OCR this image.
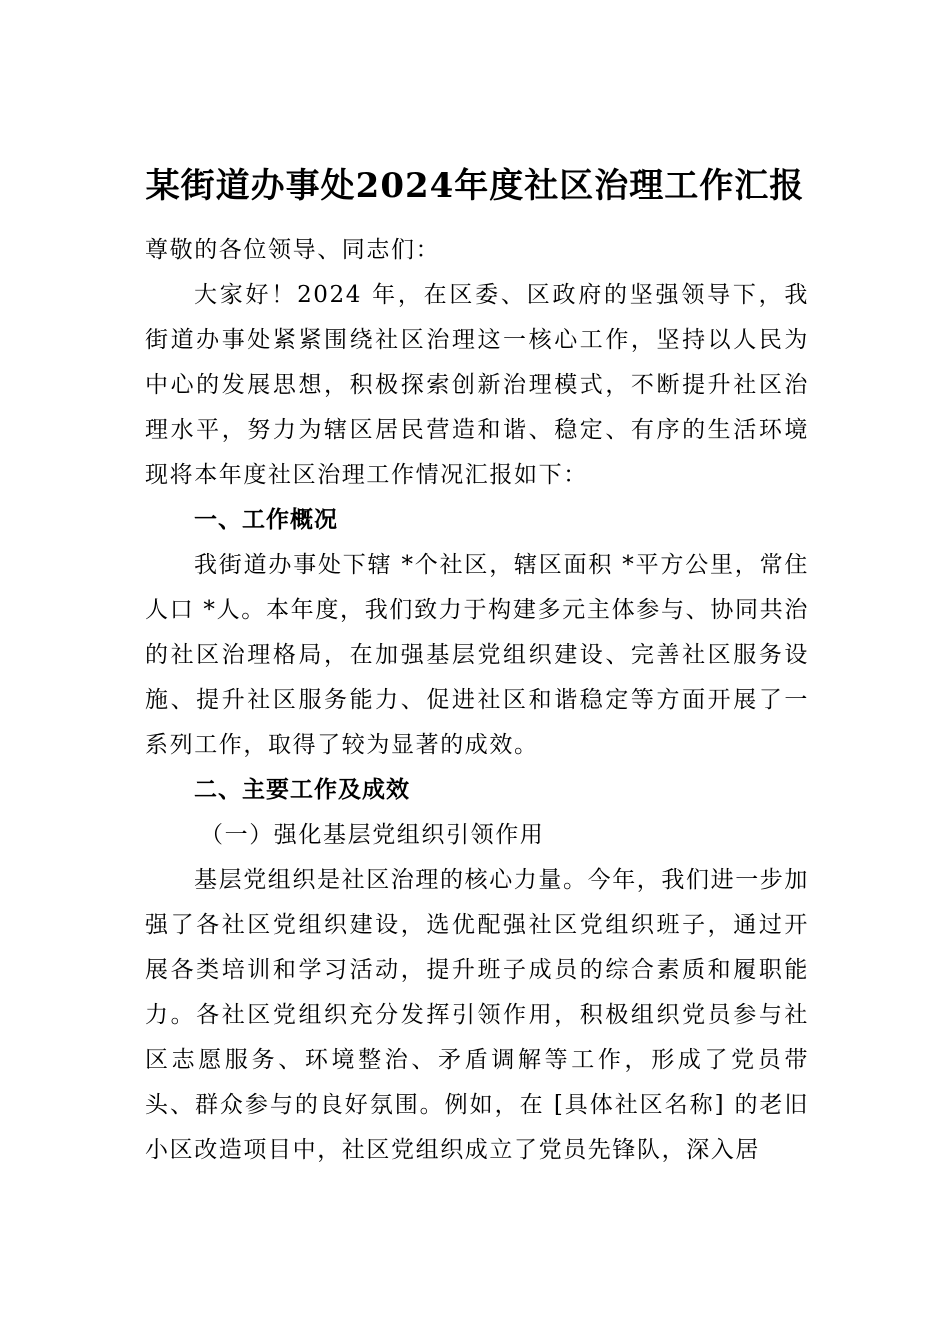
某街道办事处2024年度社区治理工作汇报

尊敬的各位领导、同志们：

大家好！2024 年，在区委、区政府的坚强领导下，我街道办事处紧紧围绕社区治理这一核心工作，坚持以人民为中心的发展思想，积极探索创新治理模式，不断提升社区治理水平，努力为辖区居民营造和谐、稳定、有序的生活环境现将本年度社区治理工作情况汇报如下：

一、工作概况

我街道办事处下辖 *个社区，辖区面积 *平方公里，常住人口 *人。本年度，我们致力于构建多元主体参与、协同共治的社区治理格局，在加强基层党组织建设、完善社区服务设施、提升社区服务能力、促进社区和谐稳定等方面开展了一系列工作，取得了较为显著的成效。

二、主要工作及成效

（一）强化基层党组织引领作用

基层党组织是社区治理的核心力量。今年，我们进一步加强了各社区党组织建设，选优配强社区党组织班子，通过开展各类培训和学习活动，提升班子成员的综合素质和履职能力。各社区党组织充分发挥引领作用，积极组织党员参与社区志愿服务、环境整治、矛盾调解等工作，形成了党员带头、群众参与的良好氛围。例如，在 [具体社区名称] 的老旧小区改造项目中，社区党组织成立了党员先锋队，深入居
